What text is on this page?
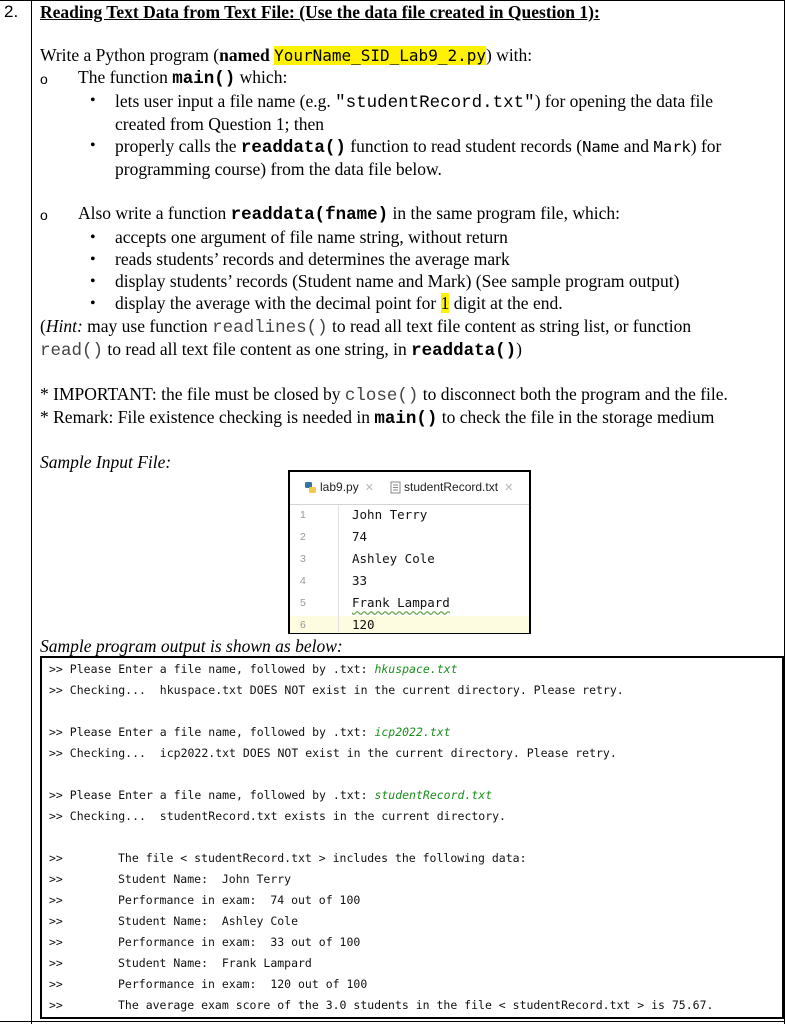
2. Reading Text Data from Text File: (Use the data file created in Question 1):
Write a Python program (named YourName_SID_Lab9_2.py) with:
o The function main() which:
• lets user input a file name (e.g. "studentRecord.txt") for opening the data file
created from Question 1; then
• properly calls the readdata() function to read student records (Name and Mark) for
programming course) from the data file below.
o Also write a function readdata(fname) in the same program file, which:
• accepts one argument of file name string, without return
• reads students’ records and determines the average mark
• display students’ records (Student name and Mark) (See sample program output)
• display the average with the decimal point for 1 digit at the end.
(Hint: may use function readlines() to read all text file content as string list, or function
read() to read all text file content as one string, in readdata())
* IMPORTANT: the file must be closed by close() to disconnect both the program and the file.
* Remark: File existence checking is needed in main() to check the file in the storage medium
Sample Input File:
lab9.py ✕	studentRecord.txt ✕
1
2
3
4
5
6
John Terry
74
Ashley Cole
33
Frank Lampard
120
Sample program output is shown as below:
>> Please Enter a file name, followed by .txt: hkuspace.txt
>> Checking...  hkuspace.txt DOES NOT exist in the current directory. Please retry.
>> Please Enter a file name, followed by .txt: icp2022.txt
>> Checking...  icp2022.txt DOES NOT exist in the current directory. Please retry.
>> Please Enter a file name, followed by .txt: studentRecord.txt
>> Checking...  studentRecord.txt exists in the current directory.
>>	The file < studentRecord.txt > includes the following data:
>>	Student Name:  John Terry
>>	Performance in exam:  74 out of 100
>>	Student Name:  Ashley Cole
>>	Performance in exam:  33 out of 100
>>	Student Name:  Frank Lampard
>>	Performance in exam:  120 out of 100
>>	The average exam score of the 3.0 students in the file < studentRecord.txt > is 75.67.
